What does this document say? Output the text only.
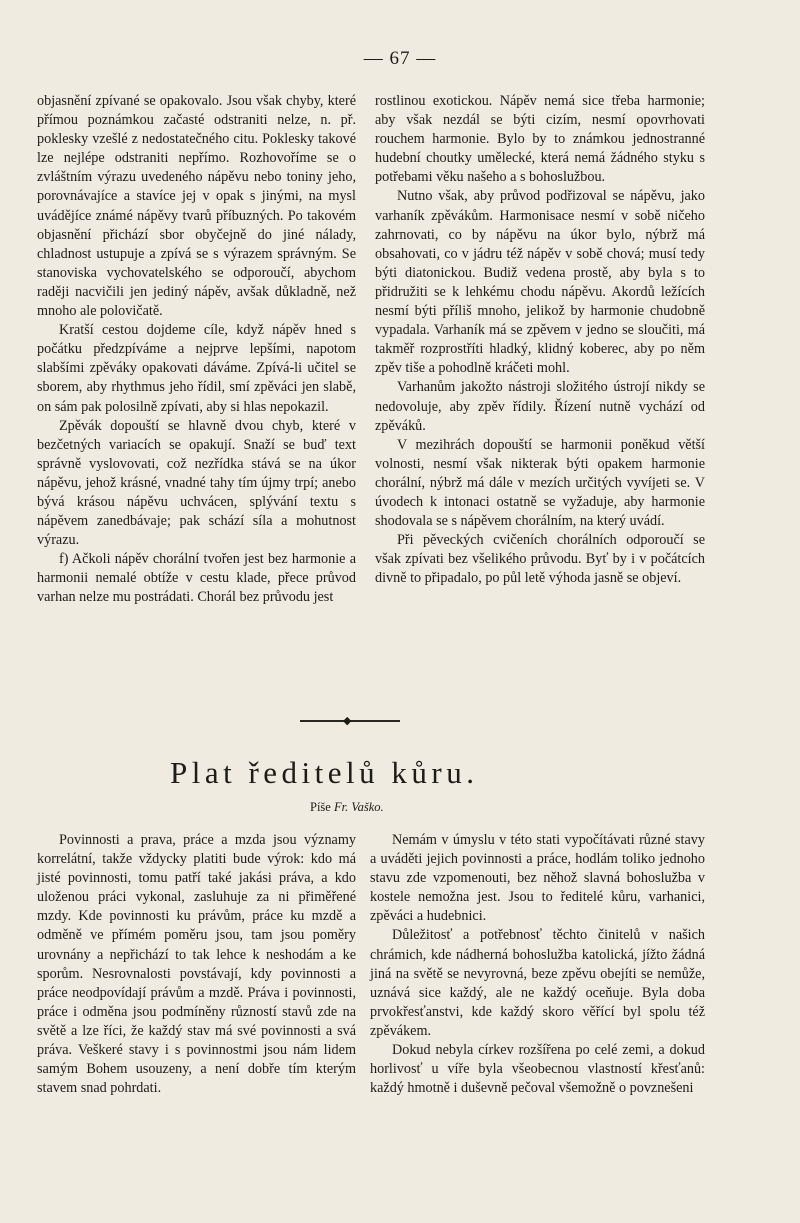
— 67 —

objasnění zpívané se opakovalo. Jsou však chyby, které přímou poznámkou začasté odstraniti nelze, n. př. poklesky vzešlé z nedostatečného citu. Poklesky takové lze nejlépe odstraniti nepřímo. Rozhovoříme se o zvláštním výrazu uvedeného nápěvu nebo toniny jeho, porovnávajíce a stavíce jej v opak s jinými, na mysl uvádějíce známé nápěvy tvarů příbuzných. Po takovém objasnění přichází sbor obyčejně do jiné nálady, chladnost ustupuje a zpívá se s výrazem správným. Se stanoviska vychovatelského se odporoučí, abychom raději nacvičili jen jediný nápěv, avšak důkladně, než mnoho ale polovičatě.

Kratší cestou dojdeme cíle, když nápěv hned s počátku předzpíváme a nejprve lepšími, napotom slabšími zpěváky opakovati dáváme. Zpívá-li učitel se sborem, aby rhythmus jeho řídil, smí zpěváci jen slabě, on sám pak polosilně zpívati, aby si hlas nepokazil.

Zpěvák dopouští se hlavně dvou chyb, které v bezčetných variacích se opakují. Snaží se buď text správně vyslovovati, což nezřídka stává se na úkor nápěvu, jehož krásné, vnadné tahy tím újmy trpí; anebo bývá krásou nápěvu uchvácen, splývání textu s nápěvem zanedbávaje; pak schází síla a mohutnost výrazu.

f) Ačkoli nápěv chorální tvořen jest bez harmonie a harmonii nemalé obtíže v cestu klade, přece průvod varhan nelze mu postrádati. Chorál bez průvodu jest

rostlinou exotickou. Nápěv nemá sice třeba harmonie; aby však nezdál se býti cizím, nesmí opovrhovati rouchem harmonie. Bylo by to známkou jednostranné hudební choutky umělecké, která nemá žádného styku s potřebami věku našeho a s bohoslužbou.

Nutno však, aby průvod podřizoval se nápěvu, jako varhaník zpěvákům. Harmonisace nesmí v sobě ničeho zahrnovati, co by nápěvu na úkor bylo, nýbrž má obsahovati, co v jádru též nápěv v sobě chová; musí tedy býti diatonickou. Budiž vedena prostě, aby byla s to přidružiti se k lehkému chodu nápěvu. Akordů ležících nesmí býti příliš mnoho, jelikož by harmonie chudobně vypadala. Varhaník má se zpěvem v jedno se sloučiti, má takměř rozprostříti hladký, klidný koberec, aby po něm zpěv tiše a pohodlně kráčeti mohl.

Varhanům jakožto nástroji složitého ústrojí nikdy se nedovoluje, aby zpěv řídily. Řízení nutně vychází od zpěváků.

V mezihrách dopouští se harmonii poněkud větší volnosti, nesmí však nikterak býti opakem harmonie chorální, nýbrž má dále v mezích určitých vyvíjeti se. V úvodech k intonaci ostatně se vyžaduje, aby harmonie shodovala se s nápěvem chorálním, na který uvádí.

Při pěveckých cvičeních chorálních odporoučí se však zpívati bez všelikého průvodu. Byť by i v počátcích divně to připadalo, po půl letě výhoda jasně se objeví.

◆
Plat ředitelů kůru.
Píše Fr. Vaško.

Povinnosti a prava, práce a mzda jsou významy korrelátní, takže vždycky platiti bude výrok: kdo má jisté povinnosti, tomu patří také jakási práva, a kdo uloženou práci vykonal, zasluhuje za ni přiměřené mzdy. Kde povinnosti ku právům, práce ku mzdě a odměně ve přímém poměru jsou, tam jsou poměry urovnány a nepřichází to tak lehce k neshodám a ke sporům. Nesrovnalosti povstávají, kdy povinnosti a práce neodpovídají právům a mzdě. Práva i povinnosti, práce i odměna jsou podmíněny růzností stavů zde na světě a lze říci, že každý stav má své povinnosti a svá práva. Veškeré stavy i s povinnostmi jsou nám lidem samým Bohem usouzeny, a není dobře tím kterým stavem snad pohrdati.

Nemám v úmyslu v této stati vypočítávati různé stavy a uváděti jejich povinnosti a práce, hodlám toliko jednoho stavu zde vzpomenouti, bez něhož slavná bohoslužba v kostele nemožna jest. Jsou to ředitelé kůru, varhanici, zpěváci a hudebnici.

Důležitosť a potřebnosť těchto činitelů v našich chrámich, kde nádherná bohoslužba katolická, jížto žádná jiná na světě se nevyrovná, beze zpěvu obejíti se nemůže, uznává sice každý, ale ne každý oceňuje. Byla doba prvokřesťanstvi, kde každý skoro věřící byl spolu též zpěvákem.

Dokud nebyla církev rozšířena po celé zemi, a dokud horlivosť u víře byla všeobecnou vlastností křesťanů: každý hmotně i duševně pečoval všemožně o povznešeni
